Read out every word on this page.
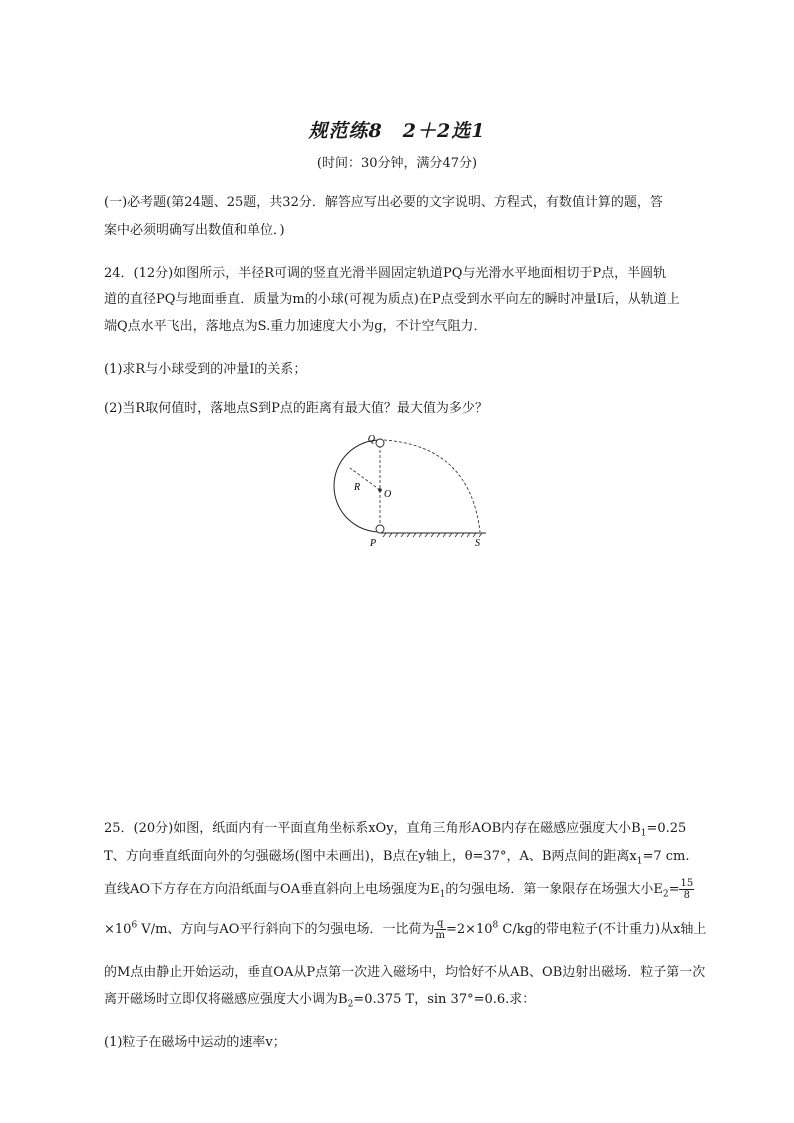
规范练8　2＋2选1
(时间：30分钟，满分47分)
(一)必考题(第24题、25题，共32分．解答应写出必要的文字说明、方程式，有数值计算的题，答
案中必须明确写出数值和单位．)
24．(12分)如图所示，半径R可调的竖直光滑半圆固定轨道PQ与光滑水平地面相切于P点，半圆轨
道的直径PQ与地面垂直．质量为m的小球(可视为质点)在P点受到水平向左的瞬时冲量I后，从轨道上
端Q点水平飞出，落地点为S.重力加速度大小为g，不计空气阻力．
(1)求R与小球受到的冲量I的关系；
(2)当R取何值时，落地点S到P点的距离有最大值？最大值为多少？
Q
O
R
P	S
25．(20分)如图，纸面内有一平面直角坐标系xOy，直角三角形AOB内存在磁感应强度大小$B_1=0.25$
T、方向垂直纸面向外的匀强磁场(图中未画出)，B点在y轴上，θ=37°，A、B两点间的距离$x_1=7$ cm.
直线AO下方存在方向沿纸面与OA垂直斜向上电场强度为$E_1$的匀强电场．第一象限存在场强大小$E_2= \frac{15}{8}$
$\times 10^6$ V/m、方向与AO平行斜向下的匀强电场．一比荷为 $\frac{q}{m} =2\times 10^8$ C/kg的带电粒子(不计重力)从x轴上
的M点由静止开始运动，垂直OA从P点第一次进入磁场中，均恰好不从AB、OB边射出磁场．粒子第一次
离开磁场时立即仅将磁感应强度大小调为$B_2=0.375$ T，sin 37°=0.6.求：
(1)粒子在磁场中运动的速率v；
